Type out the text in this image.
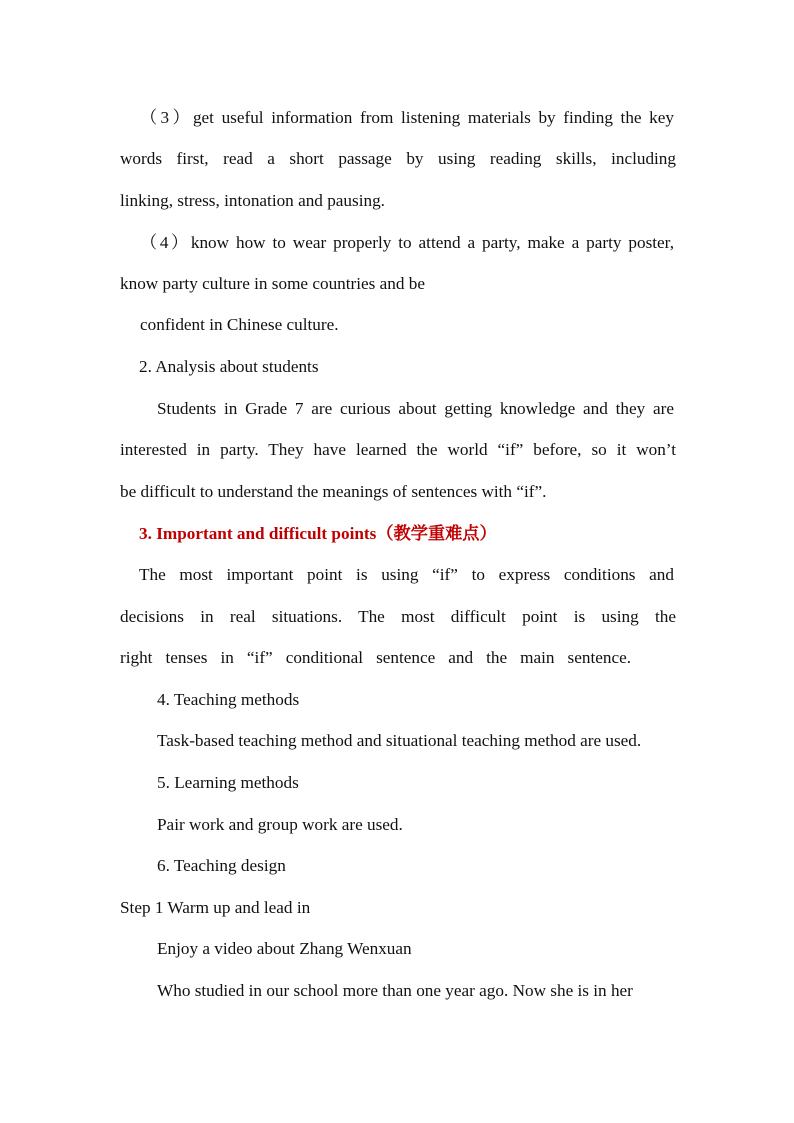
（3）get useful information from listening materials by finding the key
words first, read a short passage by using reading skills, including
linking, stress, intonation and pausing.
（4）know how to wear properly to attend a party, make a party poster,
know party culture in some countries and be
confident in Chinese culture.
2. Analysis about students
Students in Grade 7 are curious about getting knowledge and they are
interested in party. They have learned the world “if” before, so it won’t
be difficult to understand the meanings of sentences with “if”.
3. Important and difficult points（教学重难点）
The most important point is using “if” to express conditions and
decisions in real situations. The most difficult point is using the
right tenses in “if” conditional sentence and the main sentence.
4. Teaching methods
Task-based teaching method and situational teaching method are used.
5. Learning methods
Pair work and group work are used.
6. Teaching design
Step 1 Warm up and lead in
Enjoy a video about Zhang Wenxuan
Who studied in our school more than one year ago. Now she is in her
